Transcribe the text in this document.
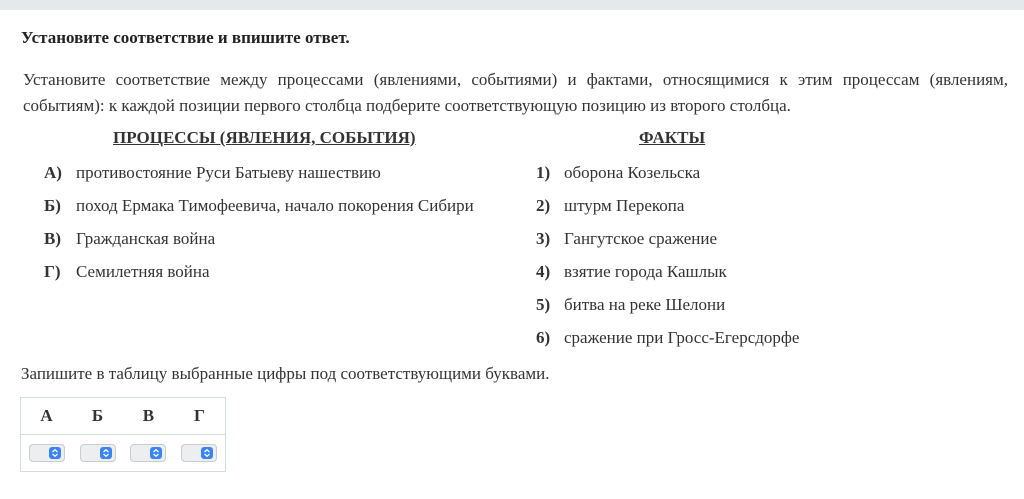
Установите соответствие и впишите ответ.
Установите соответствие между процессами (явлениями, событиями) и фактами, относящимися к этим процессам (явлениям, событиям): к каждой позиции первого столбца подберите соответствующую позицию из второго столбца.
ПРОЦЕССЫ (ЯВЛЕНИЯ, СОБЫТИЯ)	ФАКТЫ
А) противостояние Руси Батыеву нашествию
Б) поход Ермака Тимофеевича, начало покорения Сибири
В) Гражданская война
Г) Семилетняя война
1) оборона Козельска
2) штурм Перекопа
3) Гангутское сражение
4) взятие города Кашлык
5) битва на реке Шелони
6) сражение при Гросс-Егерсдорфе
Запишите в таблицу выбранные цифры под соответствующими буквами.
А	Б	В	Г
